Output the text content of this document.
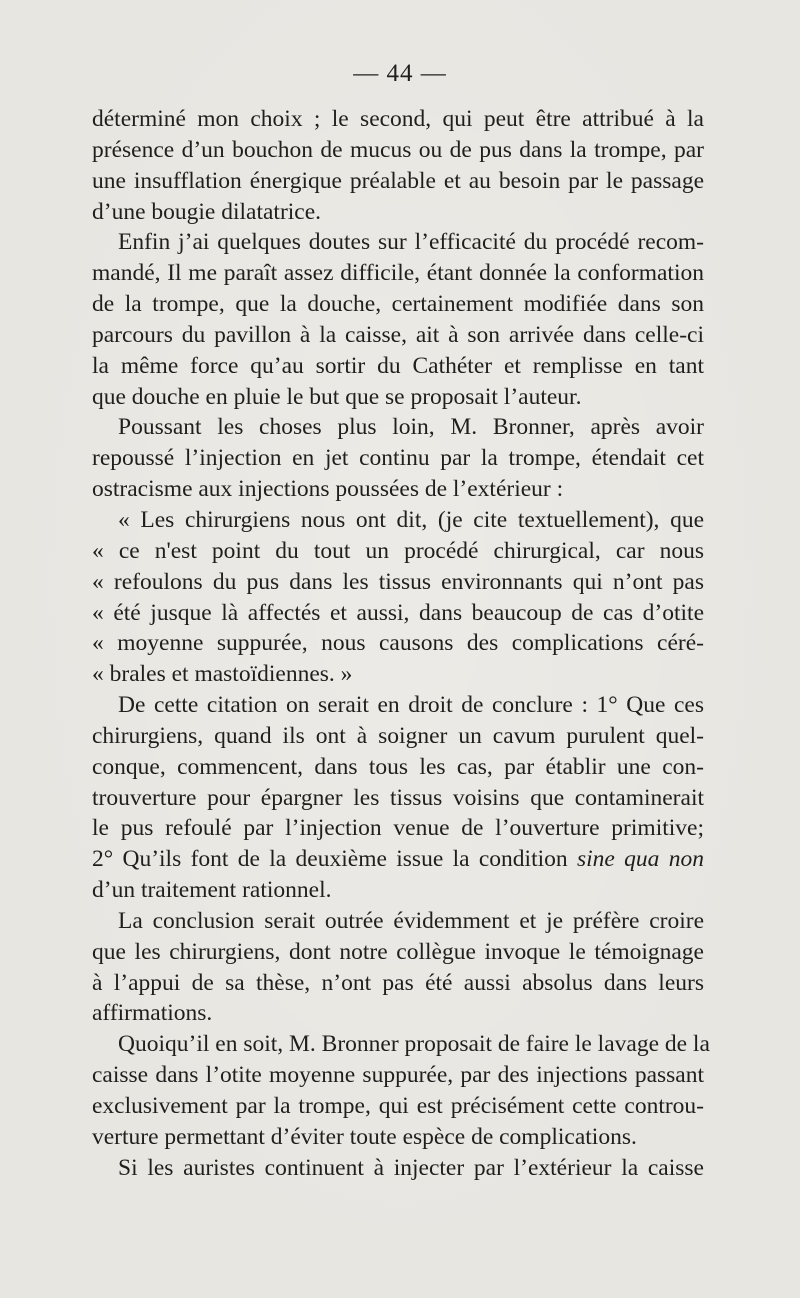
— 44 —
déterminé mon choix ; le second, qui peut être attribué à la
présence d’un bouchon de mucus ou de pus dans la trompe, par
une insufflation énergique préalable et au besoin par le passage
d’une bougie dilatatrice.
Enfin j’ai quelques doutes sur l’efficacité du procédé recom-
mandé, Il me paraît assez difficile, étant donnée la conformation
de la trompe, que la douche, certainement modifiée dans son
parcours du pavillon à la caisse, ait à son arrivée dans celle-ci
la même force qu’au sortir du Cathéter et remplisse en tant
que douche en pluie le but que se proposait l’auteur.
Poussant les choses plus loin, M. Bronner, après avoir
repoussé l’injection en jet continu par la trompe, étendait cet
ostracisme aux injections poussées de l’extérieur :
« Les chirurgiens nous ont dit, (je cite textuellement), que
« ce n'est point du tout un procédé chirurgical, car nous
« refoulons du pus dans les tissus environnants qui n’ont pas
« été jusque là affectés et aussi, dans beaucoup de cas d’otite
« moyenne suppurée, nous causons des complications céré-
« brales et mastoïdiennes. »
De cette citation on serait en droit de conclure : 1° Que ces
chirurgiens, quand ils ont à soigner un cavum purulent quel-
conque, commencent, dans tous les cas, par établir une con-
trouverture pour épargner les tissus voisins que contaminerait
le pus refoulé par l’injection venue de l’ouverture primitive;
2° Qu’ils font de la deuxième issue la condition sine qua non
d’un traitement rationnel.
La conclusion serait outrée évidemment et je préfère croire
que les chirurgiens, dont notre collègue invoque le témoignage
à l’appui de sa thèse, n’ont pas été aussi absolus dans leurs
affirmations.
Quoiqu’il en soit, M. Bronner proposait de faire le lavage de la
caisse dans l’otite moyenne suppurée, par des injections passant
exclusivement par la trompe, qui est précisément cette controu-
verture permettant d’éviter toute espèce de complications.
Si les auristes continuent à injecter par l’extérieur la caisse
